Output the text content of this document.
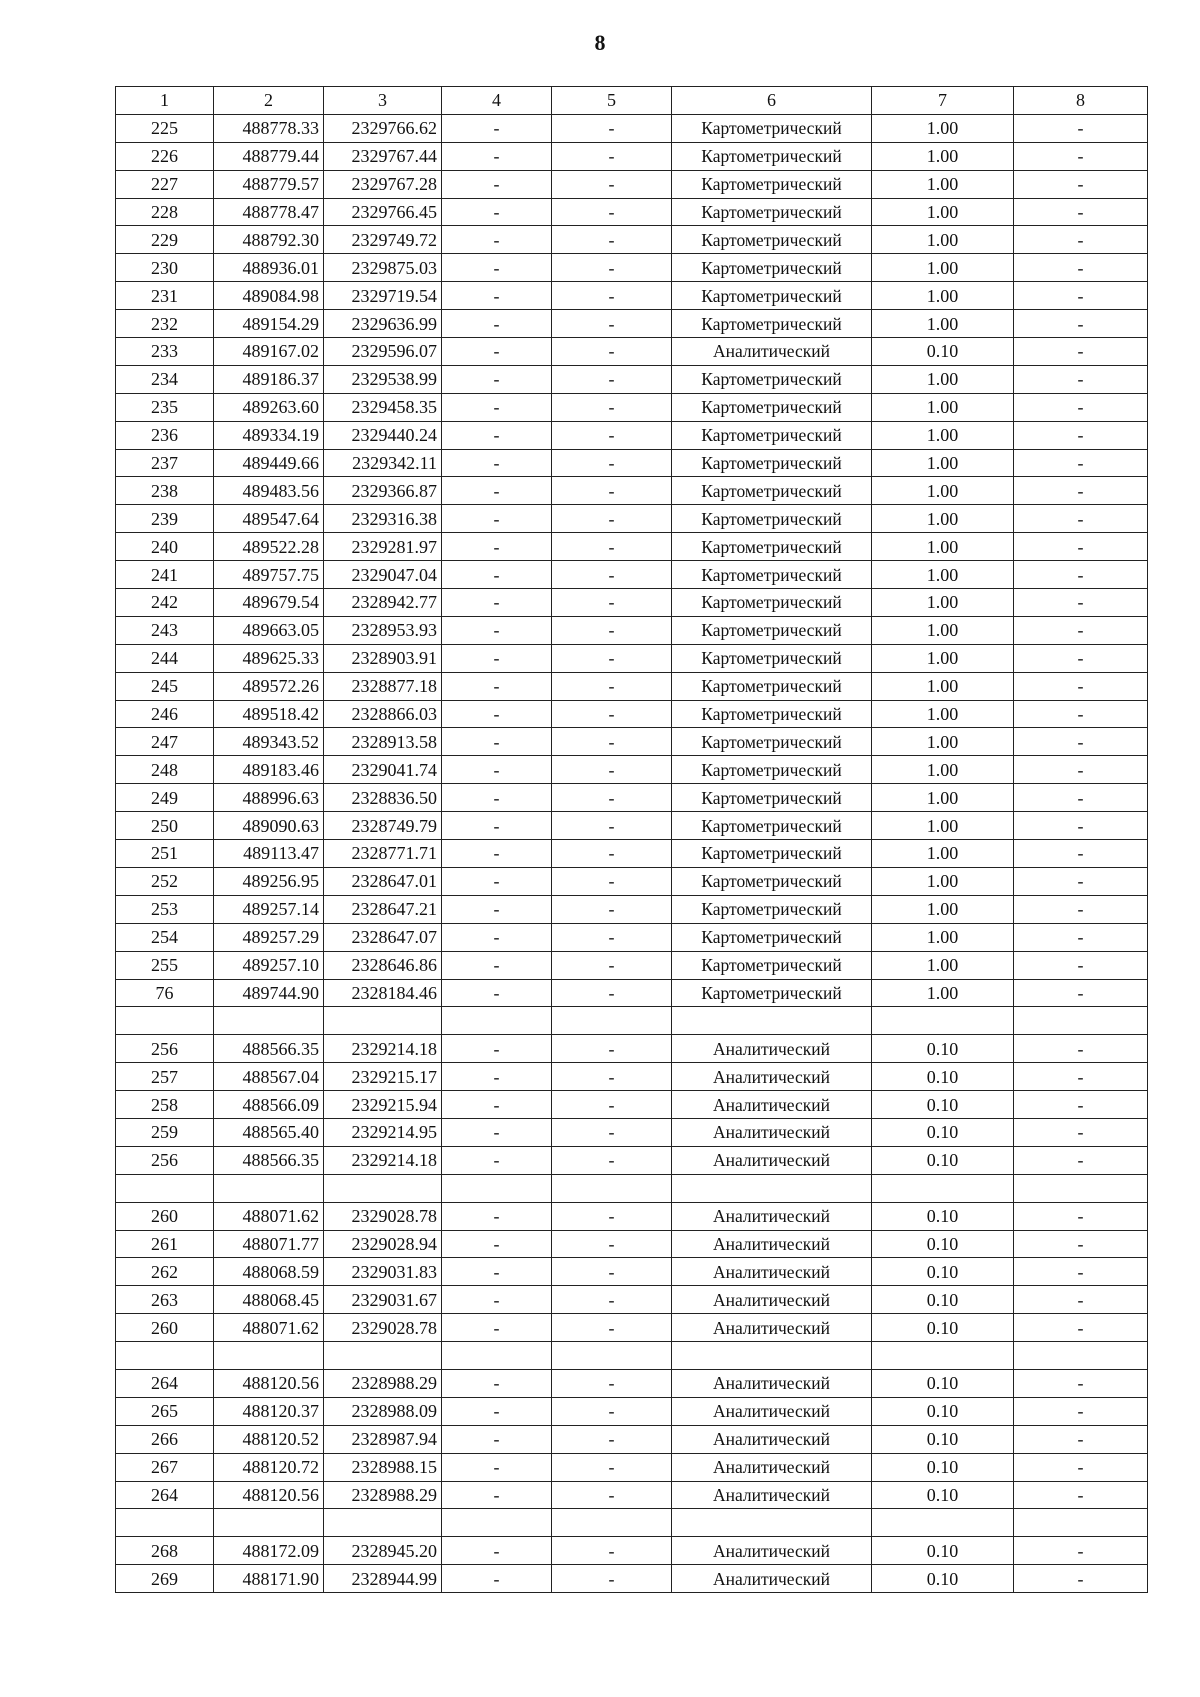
8
1	2	3	4	5	6	7	8
225	488778.33	2329766.62	-	-	Картометрический	1.00	-
226	488779.44	2329767.44	-	-	Картометрический	1.00	-
227	488779.57	2329767.28	-	-	Картометрический	1.00	-
228	488778.47	2329766.45	-	-	Картометрический	1.00	-
229	488792.30	2329749.72	-	-	Картометрический	1.00	-
230	488936.01	2329875.03	-	-	Картометрический	1.00	-
231	489084.98	2329719.54	-	-	Картометрический	1.00	-
232	489154.29	2329636.99	-	-	Картометрический	1.00	-
233	489167.02	2329596.07	-	-	Аналитический	0.10	-
234	489186.37	2329538.99	-	-	Картометрический	1.00	-
235	489263.60	2329458.35	-	-	Картометрический	1.00	-
236	489334.19	2329440.24	-	-	Картометрический	1.00	-
237	489449.66	2329342.11	-	-	Картометрический	1.00	-
238	489483.56	2329366.87	-	-	Картометрический	1.00	-
239	489547.64	2329316.38	-	-	Картометрический	1.00	-
240	489522.28	2329281.97	-	-	Картометрический	1.00	-
241	489757.75	2329047.04	-	-	Картометрический	1.00	-
242	489679.54	2328942.77	-	-	Картометрический	1.00	-
243	489663.05	2328953.93	-	-	Картометрический	1.00	-
244	489625.33	2328903.91	-	-	Картометрический	1.00	-
245	489572.26	2328877.18	-	-	Картометрический	1.00	-
246	489518.42	2328866.03	-	-	Картометрический	1.00	-
247	489343.52	2328913.58	-	-	Картометрический	1.00	-
248	489183.46	2329041.74	-	-	Картометрический	1.00	-
249	488996.63	2328836.50	-	-	Картометрический	1.00	-
250	489090.63	2328749.79	-	-	Картометрический	1.00	-
251	489113.47	2328771.71	-	-	Картометрический	1.00	-
252	489256.95	2328647.01	-	-	Картометрический	1.00	-
253	489257.14	2328647.21	-	-	Картометрический	1.00	-
254	489257.29	2328647.07	-	-	Картометрический	1.00	-
255	489257.10	2328646.86	-	-	Картометрический	1.00	-
76	489744.90	2328184.46	-	-	Картометрический	1.00	-

256	488566.35	2329214.18	-	-	Аналитический	0.10	-
257	488567.04	2329215.17	-	-	Аналитический	0.10	-
258	488566.09	2329215.94	-	-	Аналитический	0.10	-
259	488565.40	2329214.95	-	-	Аналитический	0.10	-
256	488566.35	2329214.18	-	-	Аналитический	0.10	-

260	488071.62	2329028.78	-	-	Аналитический	0.10	-
261	488071.77	2329028.94	-	-	Аналитический	0.10	-
262	488068.59	2329031.83	-	-	Аналитический	0.10	-
263	488068.45	2329031.67	-	-	Аналитический	0.10	-
260	488071.62	2329028.78	-	-	Аналитический	0.10	-

264	488120.56	2328988.29	-	-	Аналитический	0.10	-
265	488120.37	2328988.09	-	-	Аналитический	0.10	-
266	488120.52	2328987.94	-	-	Аналитический	0.10	-
267	488120.72	2328988.15	-	-	Аналитический	0.10	-
264	488120.56	2328988.29	-	-	Аналитический	0.10	-

268	488172.09	2328945.20	-	-	Аналитический	0.10	-
269	488171.90	2328944.99	-	-	Аналитический	0.10	-
